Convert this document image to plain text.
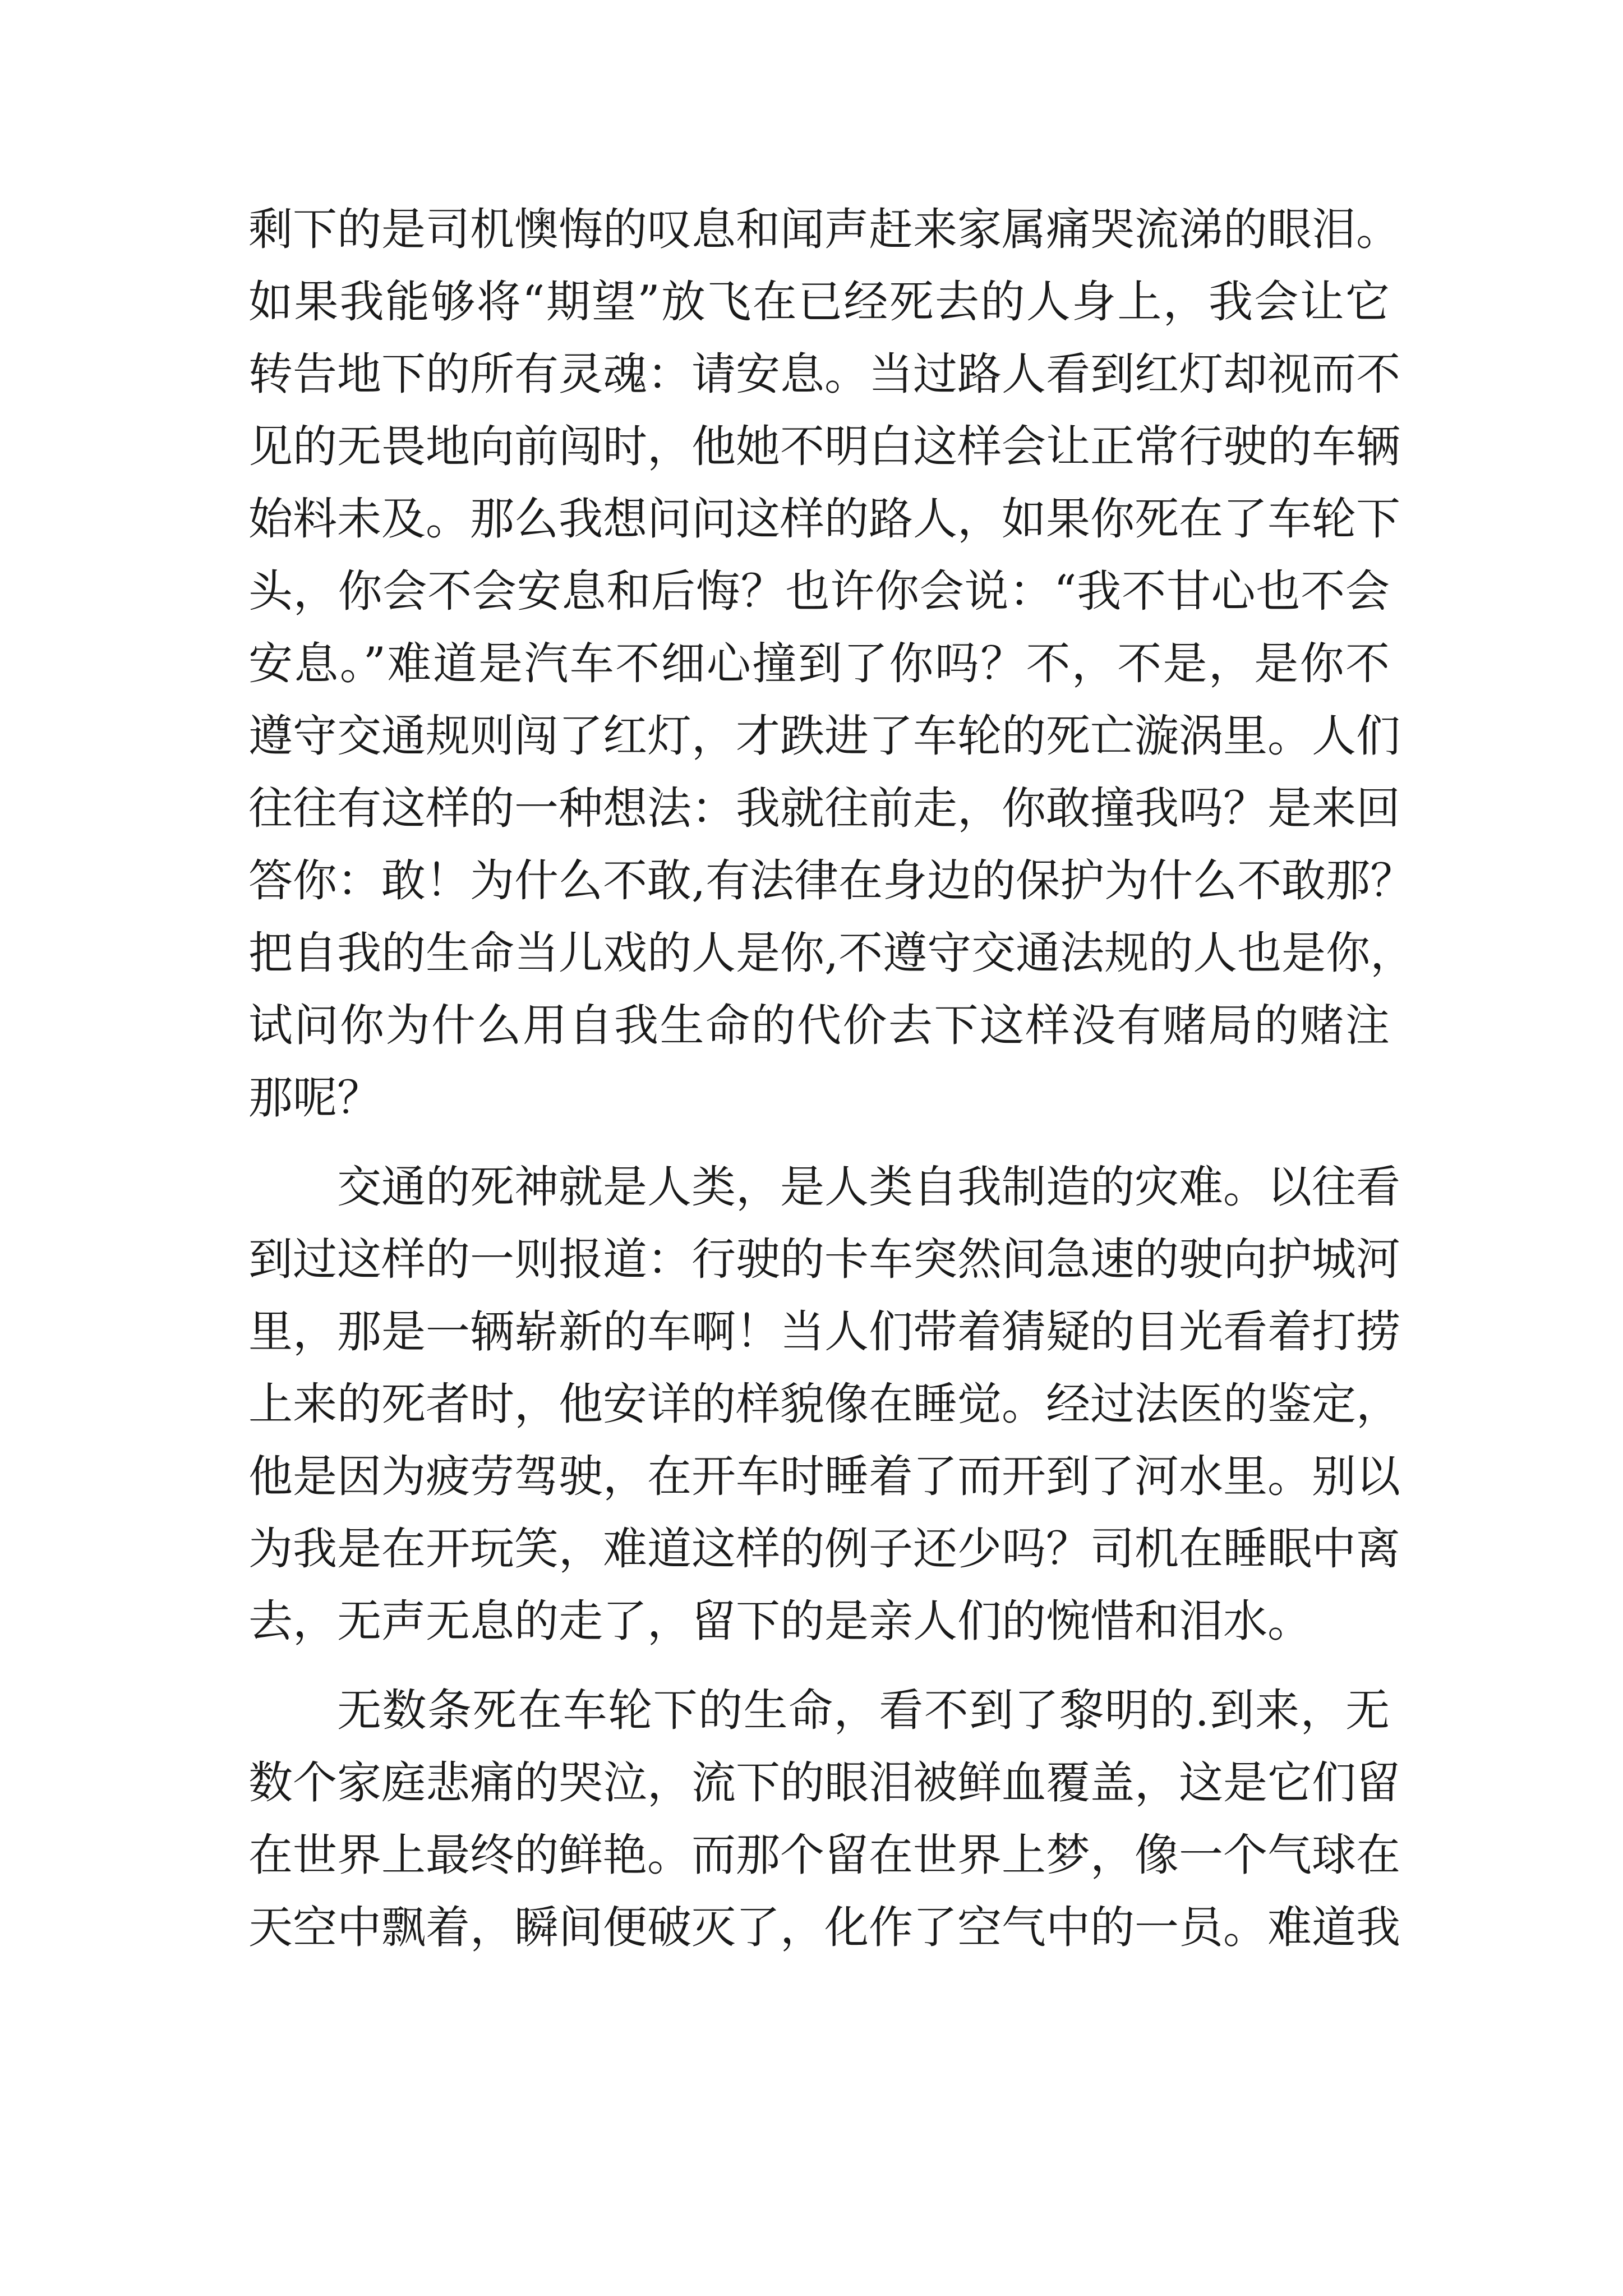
剩下的是司机懊悔的叹息和闻声赶来家属痛哭流涕的眼泪。
如果我能够将“期望”放飞在已经死去的人身上，我会让它
转告地下的所有灵魂：请安息。当过路人看到红灯却视而不
见的无畏地向前闯时，他她不明白这样会让正常行驶的车辆
始料未及。那么我想问问这样的路人，如果你死在了车轮下
头，你会不会安息和后悔？也许你会说：“我不甘心也不会
安息。”难道是汽车不细心撞到了你吗？不，不是，是你不
遵守交通规则闯了红灯，才跌进了车轮的死亡漩涡里。人们
往往有这样的一种想法：我就往前走，你敢撞我吗？是来回
答你：敢！为什么不敢,有法律在身边的保护为什么不敢那？
把自我的生命当儿戏的人是你,不遵守交通法规的人也是你，
试问你为什么用自我生命的代价去下这样没有赌局的赌注
那呢？
交通的死神就是人类，是人类自我制造的灾难。以往看
到过这样的一则报道：行驶的卡车突然间急速的驶向护城河
里，那是一辆崭新的车啊！当人们带着猜疑的目光看着打捞
上来的死者时，他安详的样貌像在睡觉。经过法医的鉴定，
他是因为疲劳驾驶，在开车时睡着了而开到了河水里。别以
为我是在开玩笑，难道这样的例子还少吗？司机在睡眠中离
去，无声无息的走了，留下的是亲人们的惋惜和泪水。
无数条死在车轮下的生命，看不到了黎明的.到来，无
数个家庭悲痛的哭泣，流下的眼泪被鲜血覆盖，这是它们留
在世界上最终的鲜艳。而那个留在世界上梦，像一个气球在
天空中飘着，瞬间便破灭了，化作了空气中的一员。难道我
